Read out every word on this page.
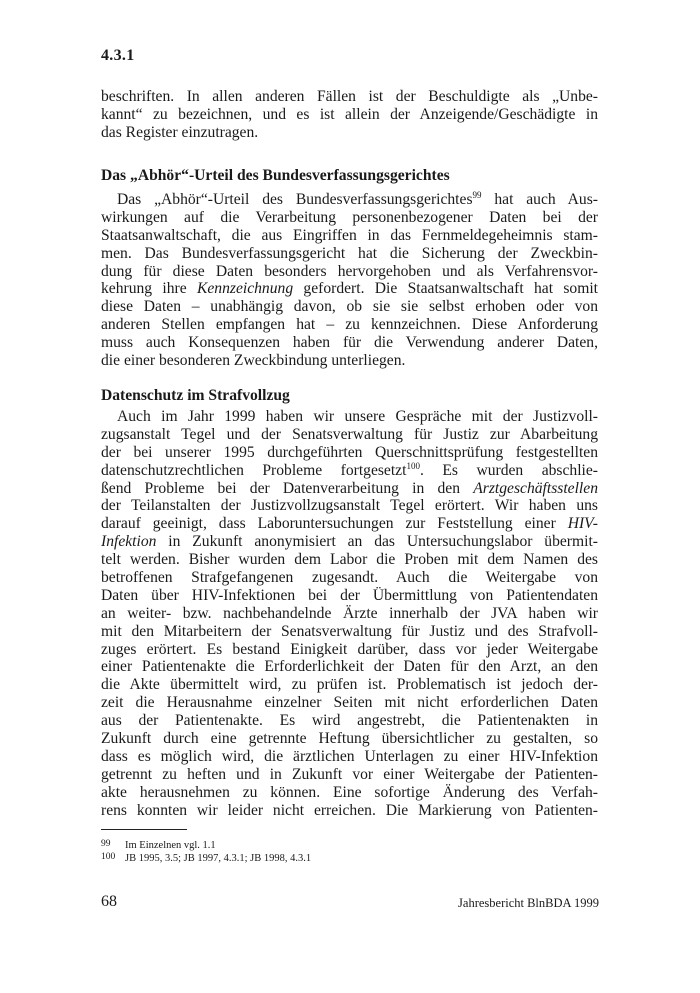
4.3.1
beschriften. In allen anderen Fällen ist der Beschuldigte als „Unbe-
kannt“ zu bezeichnen, und es ist allein der Anzeigende/Geschädigte in
das Register einzutragen.
Das „Abhör“-Urteil des Bundesverfassungsgerichtes
Das „Abhör“-Urteil des Bundesverfassungsgerichtes$^{99}$ hat auch Aus-
wirkungen auf die Verarbeitung personenbezogener Daten bei der
Staatsanwaltschaft, die aus Eingriffen in das Fernmeldegeheimnis stam-
men. Das Bundesverfassungsgericht hat die Sicherung der Zweckbin-
dung für diese Daten besonders hervorgehoben und als Verfahrensvor-
kehrung ihre Kennzeichnung gefordert. Die Staatsanwaltschaft hat somit
diese Daten – unabhängig davon, ob sie sie selbst erhoben oder von
anderen Stellen empfangen hat – zu kennzeichnen. Diese Anforderung
muss auch Konsequenzen haben für die Verwendung anderer Daten,
die einer besonderen Zweckbindung unterliegen.
Datenschutz im Strafvollzug
Auch im Jahr 1999 haben wir unsere Gespräche mit der Justizvoll-
zugsanstalt Tegel und der Senatsverwaltung für Justiz zur Abarbeitung
der bei unserer 1995 durchgeführten Querschnittsprüfung festgestellten
datenschutzrechtlichen Probleme fortgesetzt$^{100}$. Es wurden abschlie-
ßend Probleme bei der Datenverarbeitung in den Arztgeschäftsstellen
der Teilanstalten der Justizvollzugsanstalt Tegel erörtert. Wir haben uns
darauf geeinigt, dass Laboruntersuchungen zur Feststellung einer HIV-
Infektion in Zukunft anonymisiert an das Untersuchungslabor übermit-
telt werden. Bisher wurden dem Labor die Proben mit dem Namen des
betroffenen Strafgefangenen zugesandt. Auch die Weitergabe von
Daten über HIV-Infektionen bei der Übermittlung von Patientendaten
an weiter- bzw. nachbehandelnde Ärzte innerhalb der JVA haben wir
mit den Mitarbeitern der Senatsverwaltung für Justiz und des Strafvoll-
zuges erörtert. Es bestand Einigkeit darüber, dass vor jeder Weitergabe
einer Patientenakte die Erforderlichkeit der Daten für den Arzt, an den
die Akte übermittelt wird, zu prüfen ist. Problematisch ist jedoch der-
zeit die Herausnahme einzelner Seiten mit nicht erforderlichen Daten
aus der Patientenakte. Es wird angestrebt, die Patientenakten in
Zukunft durch eine getrennte Heftung übersichtlicher zu gestalten, so
dass es möglich wird, die ärztlichen Unterlagen zu einer HIV-Infektion
getrennt zu heften und in Zukunft vor einer Weitergabe der Patienten-
akte herausnehmen zu können. Eine sofortige Änderung des Verfah-
rens konnten wir leider nicht erreichen. Die Markierung von Patienten-
99 Im Einzelnen vgl. 1.1
100 JB 1995, 3.5; JB 1997, 4.3.1; JB 1998, 4.3.1
68	Jahresbericht BlnBDA 1999
